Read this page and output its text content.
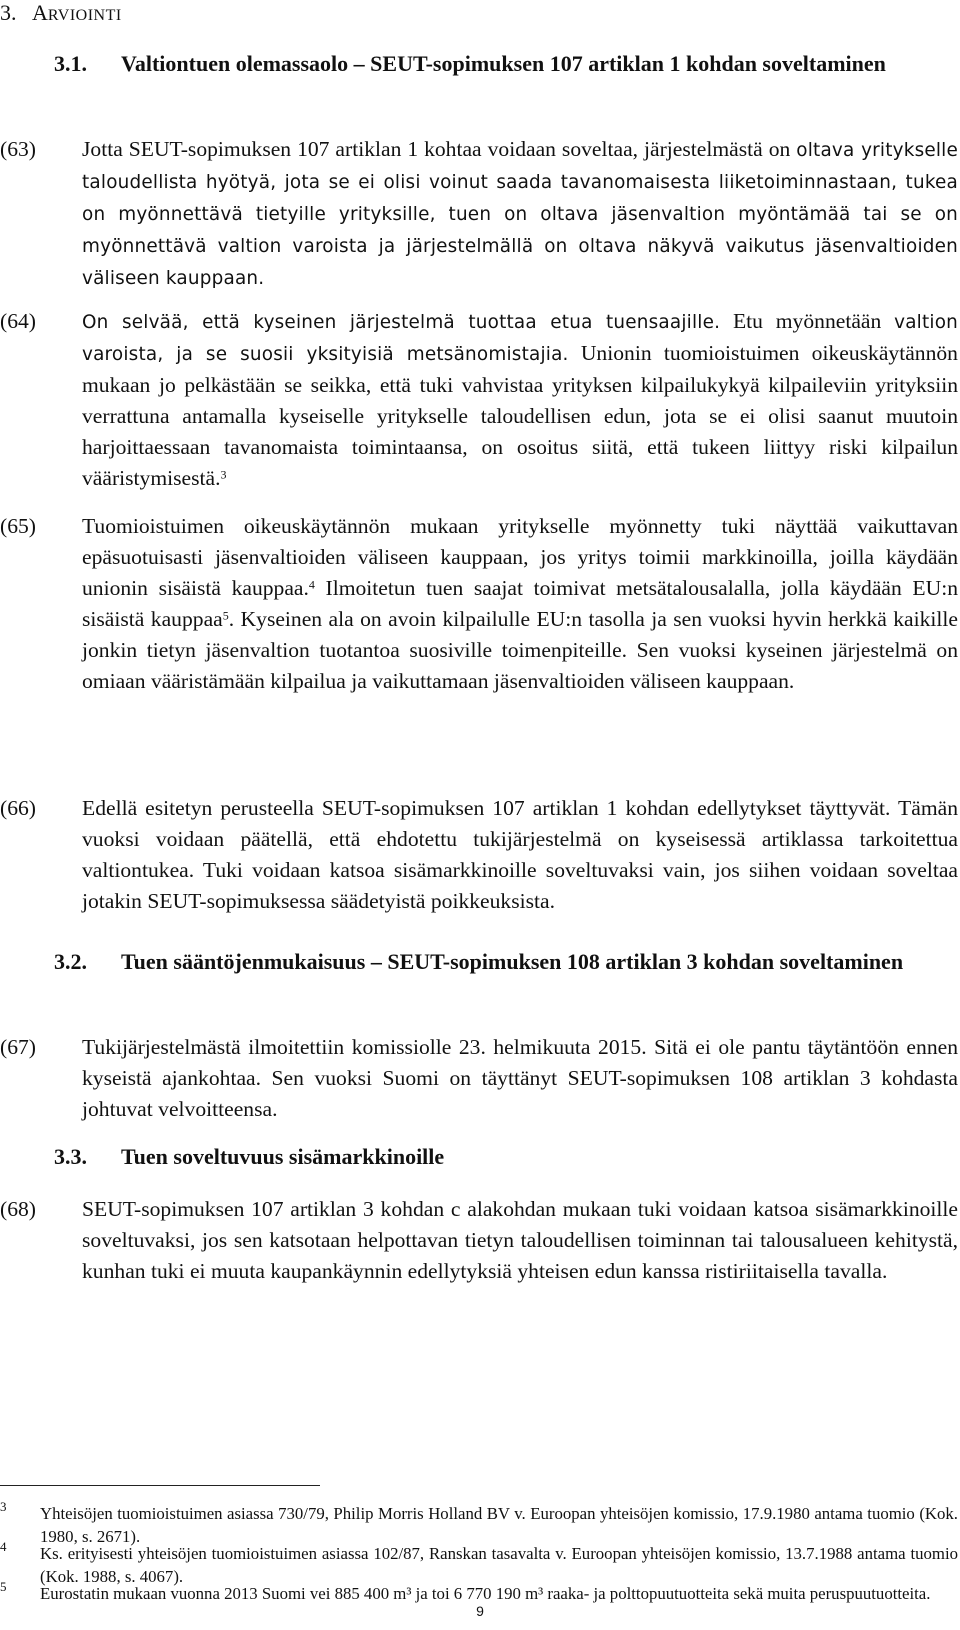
3. ARVIOINTI
3.1. Valtiontuen olemassaolo – SEUT-sopimuksen 107 artiklan 1 kohdan soveltaminen
(63) Jotta SEUT-sopimuksen 107 artiklan 1 kohtaa voidaan soveltaa, järjestelmästä on oltava yritykselle taloudellista hyötyä, jota se ei olisi voinut saada tavanomaisesta liiketoiminnastaan, tukea on myönnettävä tietyille yrityksille, tuen on oltava jäsenvaltion myöntämää tai se on myönnettävä valtion varoista ja järjestelmällä on oltava näkyvä vaikutus jäsenvaltioiden väliseen kauppaan.
(64)	On selvää, että kyseinen järjestelmä tuottaa etua tuensaajille. Etu myönnetään valtion varoista, ja se suosii yksityisiä metsänomistajia. Unionin tuomioistuimen oikeuskäytännön mukaan jo pelkästään se seikka, että tuki vahvistaa yrityksen kilpailukykyä kilpaileviin yrityksiin verrattuna antamalla kyseiselle yritykselle taloudellisen edun, jota se ei olisi saanut muutoin harjoittaessaan tavanomaista toimintaansa, on osoitus siitä, että tukeen liittyy riski kilpailun vääristymisestä.$^3$
(65) Tuomioistuimen oikeuskäytännön mukaan yritykselle myönnetty tuki näyttää vaikuttavan epäsuotuisasti jäsenvaltioiden väliseen kauppaan, jos yritys toimii markkinoilla, joilla käydään unionin sisäistä kauppaa.$^4$ Ilmoitetun tuen saajat toimivat metsätalousalalla, jolla käydään EU:n sisäistä kauppaa$^5$. Kyseinen ala on avoin kilpailulle EU:n tasolla ja sen vuoksi hyvin herkkä kaikille jonkin tietyn jäsenvaltion tuotantoa suosiville toimenpiteille. Sen vuoksi kyseinen järjestelmä on omiaan vääristämään kilpailua ja vaikuttamaan jäsenvaltioiden väliseen kauppaan.
(66) Edellä esitetyn perusteella SEUT-sopimuksen 107 artiklan 1 kohdan edellytykset täyttyvät. Tämän vuoksi voidaan päätellä, että ehdotettu tukijärjestelmä on kyseisessä artiklassa tarkoitettua valtiontukea. Tuki voidaan katsoa sisämarkkinoille soveltuvaksi vain, jos siihen voidaan soveltaa jotakin SEUT-sopimuksessa säädetyistä poikkeuksista.
3.2. Tuen sääntöjenmukaisuus – SEUT-sopimuksen 108 artiklan 3 kohdan soveltaminen
(67) Tukijärjestelmästä ilmoitettiin komissiolle 23. helmikuuta 2015. Sitä ei ole pantu täytäntöön ennen kyseistä ajankohtaa. Sen vuoksi Suomi on täyttänyt SEUT-sopimuksen 108 artiklan 3 kohdasta johtuvat velvoitteensa.
3.3. Tuen soveltuvuus sisämarkkinoille
(68) SEUT-sopimuksen 107 artiklan 3 kohdan c alakohdan mukaan tuki voidaan katsoa sisämarkkinoille soveltuvaksi, jos sen katsotaan helpottavan tietyn taloudellisen toiminnan tai talousalueen kehitystä, kunhan tuki ei muuta kaupankäynnin edellytyksiä yhteisen edun kanssa ristiriitaisella tavalla.
3 Yhteisöjen tuomioistuimen asiassa 730/79, Philip Morris Holland BV v. Euroopan yhteisöjen komissio, 17.9.1980 antama tuomio (Kok. 1980, s. 2671).
4 Ks. erityisesti yhteisöjen tuomioistuimen asiassa 102/87, Ranskan tasavalta v. Euroopan yhteisöjen komissio, 13.7.1988 antama tuomio (Kok. 1988, s. 4067).
5 Eurostatin mukaan vuonna 2013 Suomi vei 885 400 m³ ja toi 6 770 190 m³ raaka- ja polttopuutuotteita sekä muita peruspuutuotteita.
9
